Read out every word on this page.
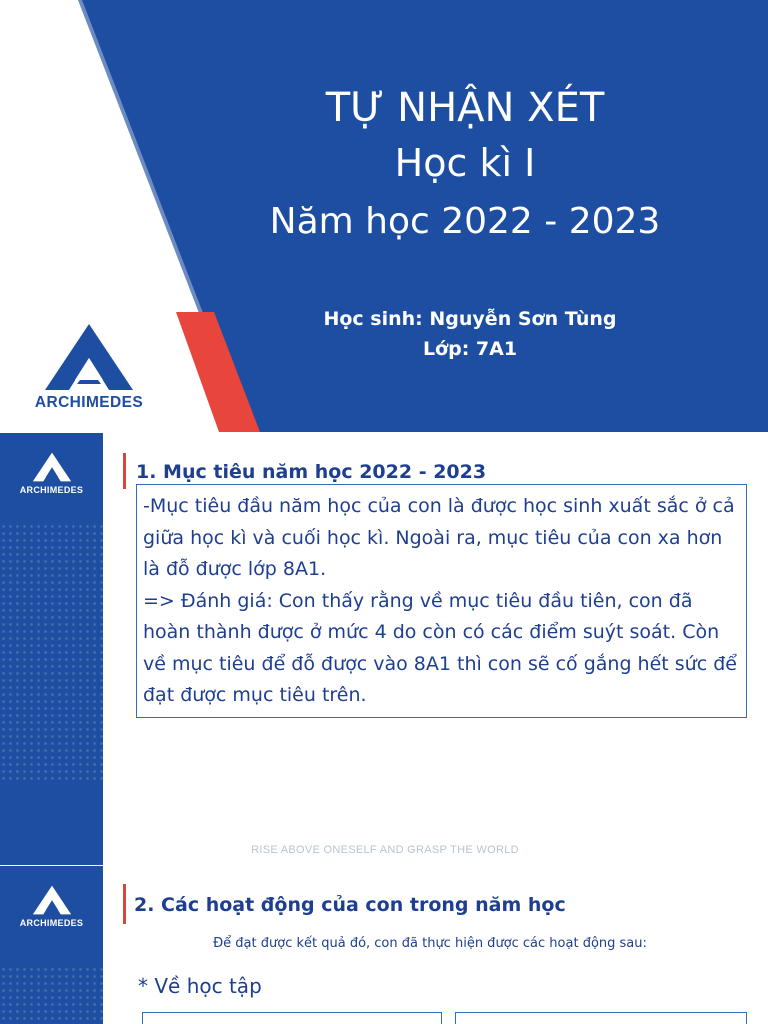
RISE ABOVE ONESELF AND GRASP THE WORLD
ARCHIMEDES
TỰ NHẬN XÉT
Học kì I
Năm học 2022 - 2023
Học sinh: Nguyễn Sơn Tùng
Lớp: 7A1
ARCHIMEDES
1. Mục tiêu năm học 2022 - 2023

-Mục tiêu đầu năm học của con là được học sinh xuất sắc ở cả giữa học kì và cuối học kì. Ngoài ra, mục tiêu của con xa hơn là đỗ được lớp 8A1.

=> Đánh giá: Con thấy rằng về mục tiêu đầu tiên, con đã hoàn thành được ở mức 4 do còn có các điểm suýt soát. Còn về mục tiêu để đỗ được vào 8A1 thì con sẽ cố gắng hết sức để đạt được mục tiêu trên.

RISE ABOVE ONESELF AND GRASP THE WORLD
ARCHIMEDES
2. Các hoạt động của con trong năm học
Để đạt được kết quả đó, con đã thực hiện được các hoạt động sau:
* Về học tập
